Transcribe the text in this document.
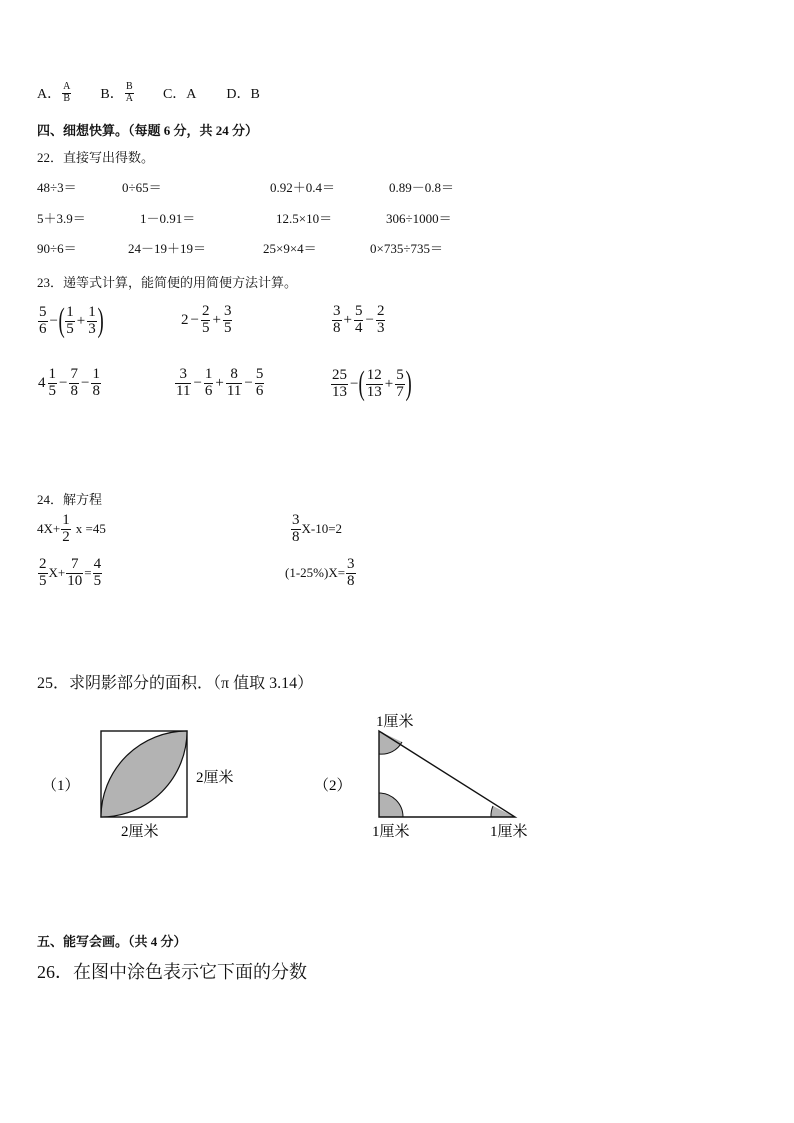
A． $\frac{A}{B}$ B． $\frac{B}{A}$ C．A D．B
四、细想快算。（每题 6 分，共 24 分）
22．直接写出得数。
48÷3＝	0÷65＝	0.92＋0.4＝	0.89－0.8＝
5＋3.9＝	1－0.91＝	12.5×10＝	306÷1000＝
90÷6＝	24－19＋19＝	25×9×4＝	0×735÷735＝
23．递等式计算，能简便的用简便方法计算。
$\frac{5}{6}$ − ( $\frac{1}{5} + \frac{1}{3}$ )	$2 - \frac{2}{5} + \frac{3}{5}$	$\frac{3}{8} + \frac{5}{4} - \frac{2}{3}$
$4 \frac{1}{5} - \frac{7}{8} - \frac{1}{8}$	$\frac{3}{11} - \frac{1}{6} + \frac{8}{11} - \frac{5}{6}$	$\frac{25}{13}$ − ( $\frac{12}{13} + \frac{5}{7}$ )
24．解方程
$4X+ \frac{1}{2}$ x =45	$\frac{3}{8} X-10=2$
$\frac{2}{5} X+ \frac{7}{10} = \frac{4}{5}$	$(1-25\%)X= \frac{3}{8}$
25．求阴影部分的面积．（π 值取 3.14）
（1）	2厘米
2厘米
（2）
1厘米
1厘米	1厘米
五、能写会画。（共 4 分）
26．在图中涂色表示它下面的分数
